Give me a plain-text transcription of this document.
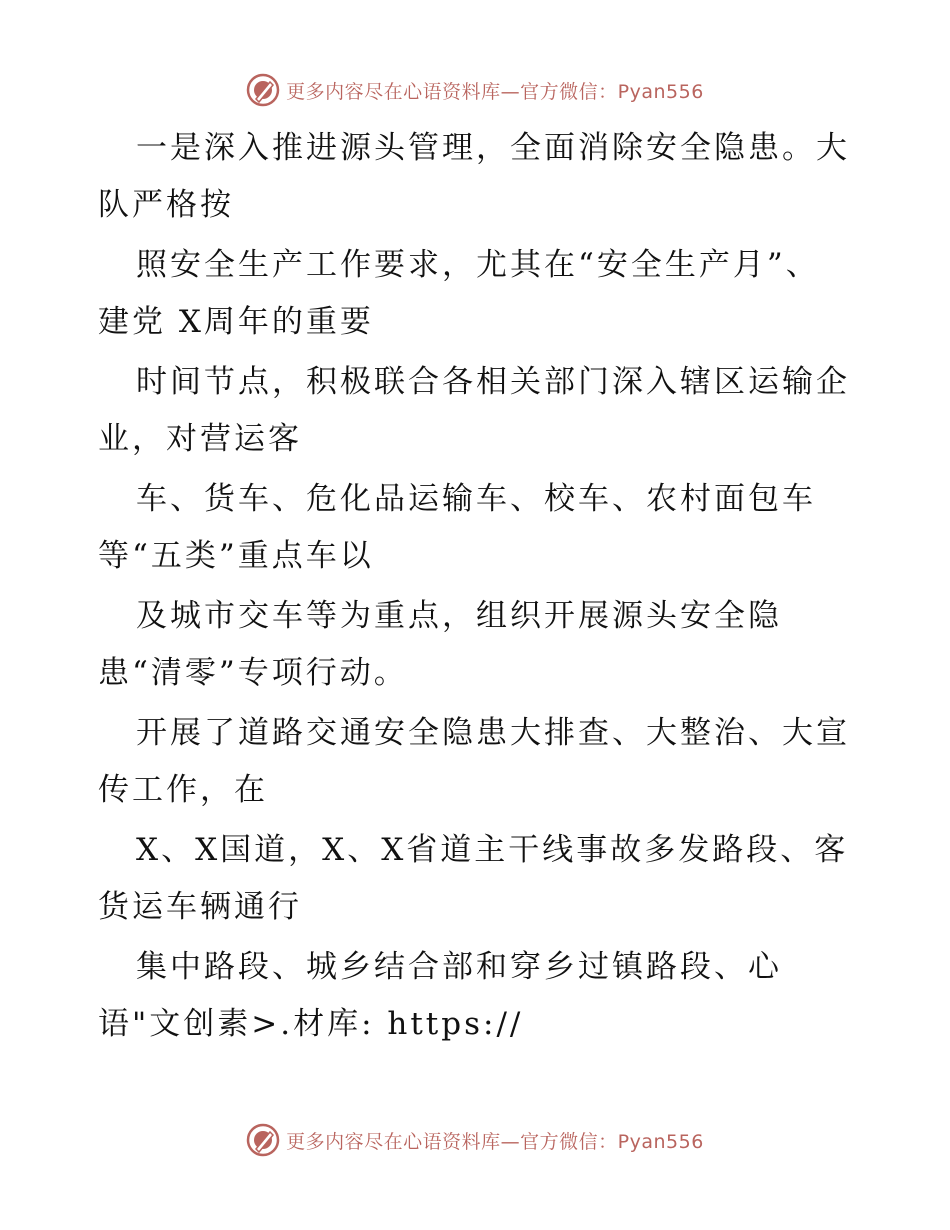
更多内容尽在心语资料库—官方微信：Pyan556
一是深入推进源头管理，全面消除安全隐患。大
队严格按
照安全生产工作要求，尤其在“安全生产月”、
建党 X周年的重要
时间节点，积极联合各相关部门深入辖区运输企
业，对营运客
车、货车、危化品运输车、校车、农村面包车
等“五类”重点车以
及城市交车等为重点，组织开展源头安全隐
患“清零”专项行动。
开展了道路交通安全隐患大排查、大整治、大宣
传工作，在
X、X国道，X、X省道主干线事故多发路段、客
货运车辆通行
集中路段、城乡结合部和穿乡过镇路段、心
语"文创素>.材库: https://
更多内容尽在心语资料库—官方微信：Pyan556
